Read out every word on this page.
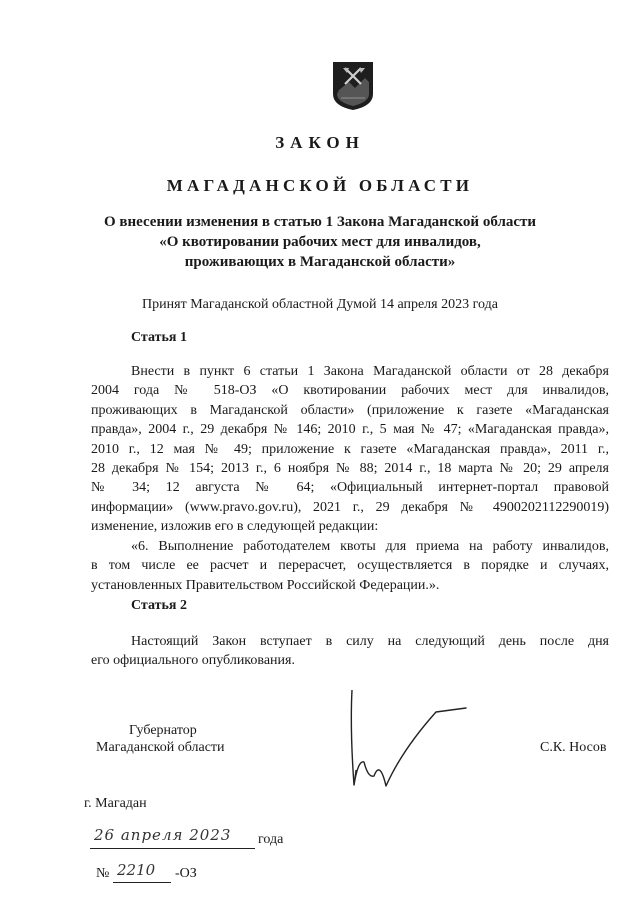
ЗАКОН
МАГАДАНСКОЙ ОБЛАСТИ
О внесении изменения в статью 1 Закона Магаданской области
«О квотировании рабочих мест для инвалидов,
проживающих в Магаданской области»
Принят Магаданской областной Думой 14 апреля 2023 года
Статья 1
Внести в пункт 6 статьи 1 Закона Магаданской области от 28 декабря
2004 года № 518-ОЗ «О квотировании рабочих мест для инвалидов,
проживающих в Магаданской области» (приложение к газете «Магаданская
правда», 2004 г., 29 декабря № 146; 2010 г., 5 мая № 47; «Магаданская правда»,
2010 г., 12 мая № 49; приложение к газете «Магаданская правда», 2011 г.,
28 декабря № 154; 2013 г., 6 ноября № 88; 2014 г., 18 марта № 20; 29 апреля
№ 34; 12 августа № 64; «Официальный интернет-портал правовой
информации» (www.pravo.gov.ru), 2021 г., 29 декабря № 4900202112290019)
изменение, изложив его в следующей редакции:
«6. Выполнение работодателем квоты для приема на работу инвалидов,
в том числе ее расчет и перерасчет, осуществляется в порядке и случаях,
установленных Правительством Российской Федерации.».
Статья 2
Настоящий Закон вступает в силу на следующий день после дня
его официального опубликования.
Губернатор
Магаданской области	С.К. Носов
г. Магадан
26 апреля 2023 года
№ 2210 -ОЗ
